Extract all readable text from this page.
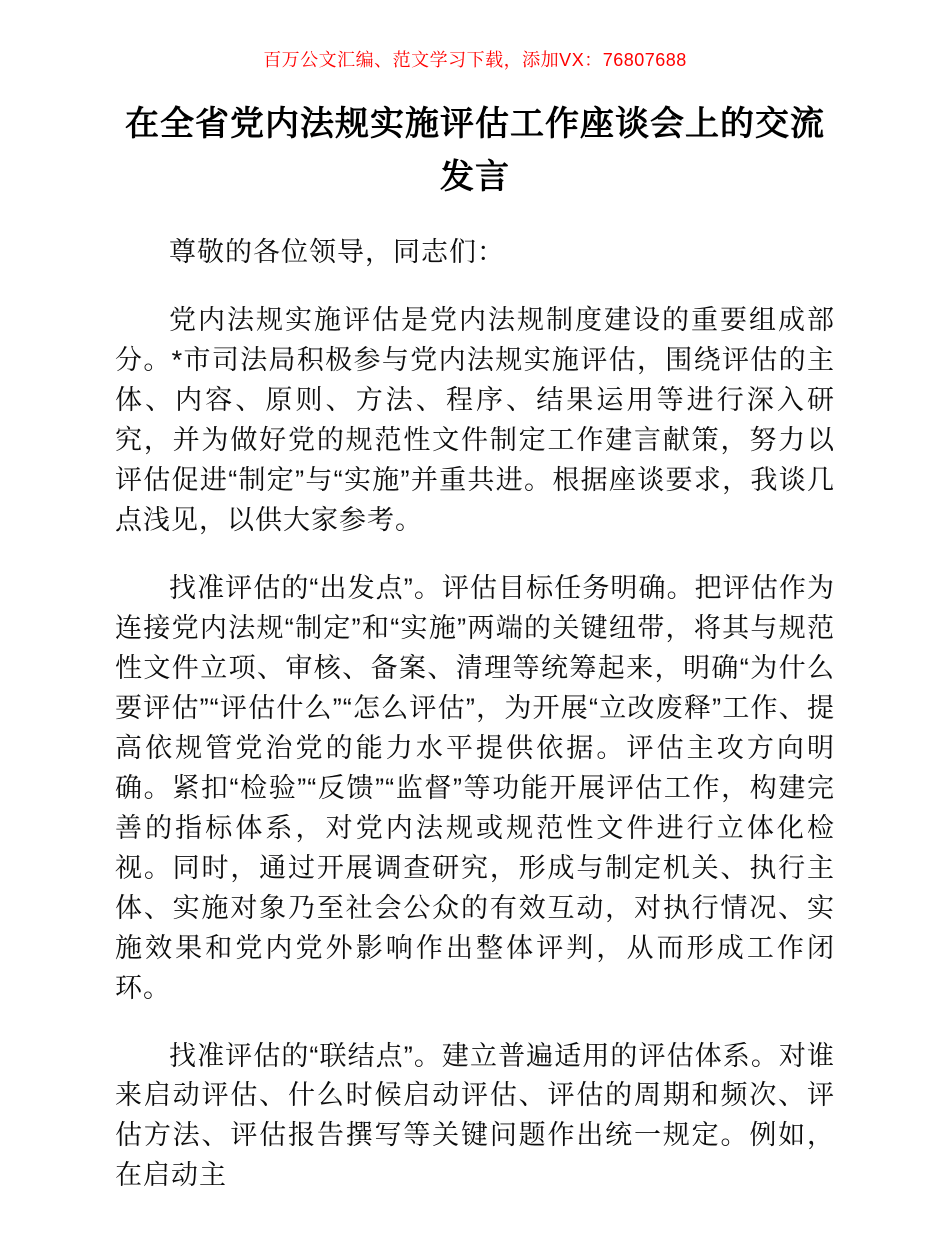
百万公文汇编、范文学习下载，添加VX：76807688
在全省党内法规实施评估工作座谈会上的交流发言

尊敬的各位领导，同志们：

党内法规实施评估是党内法规制度建设的重要组成部分。*市司法局积极参与党内法规实施评估，围绕评估的主体、内容、原则、方法、程序、结果运用等进行深入研究，并为做好党的规范性文件制定工作建言献策，努力以评估促进“制定”与“实施”并重共进。根据座谈要求，我谈几点浅见，以供大家参考。

找准评估的“出发点”。评估目标任务明确。把评估作为连接党内法规“制定”和“实施”两端的关键纽带，将其与规范性文件立项、审核、备案、清理等统筹起来，明确“为什么要评估”“评估什么”“怎么评估”，为开展“立改废释”工作、提高依规管党治党的能力水平提供依据。评估主攻方向明确。紧扣“检验”“反馈”“监督”等功能开展评估工作，构建完善的指标体系，对党内法规或规范性文件进行立体化检视。同时，通过开展调查研究，形成与制定机关、执行主体、实施对象乃至社会公众的有效互动，对执行情况、实施效果和党内党外影响作出整体评判，从而形成工作闭环。

找准评估的“联结点”。建立普遍适用的评估体系。对谁来启动评估、什么时候启动评估、评估的周期和频次、评估方法、评估报告撰写等关键问题作出统一规定。例如，在启动主
